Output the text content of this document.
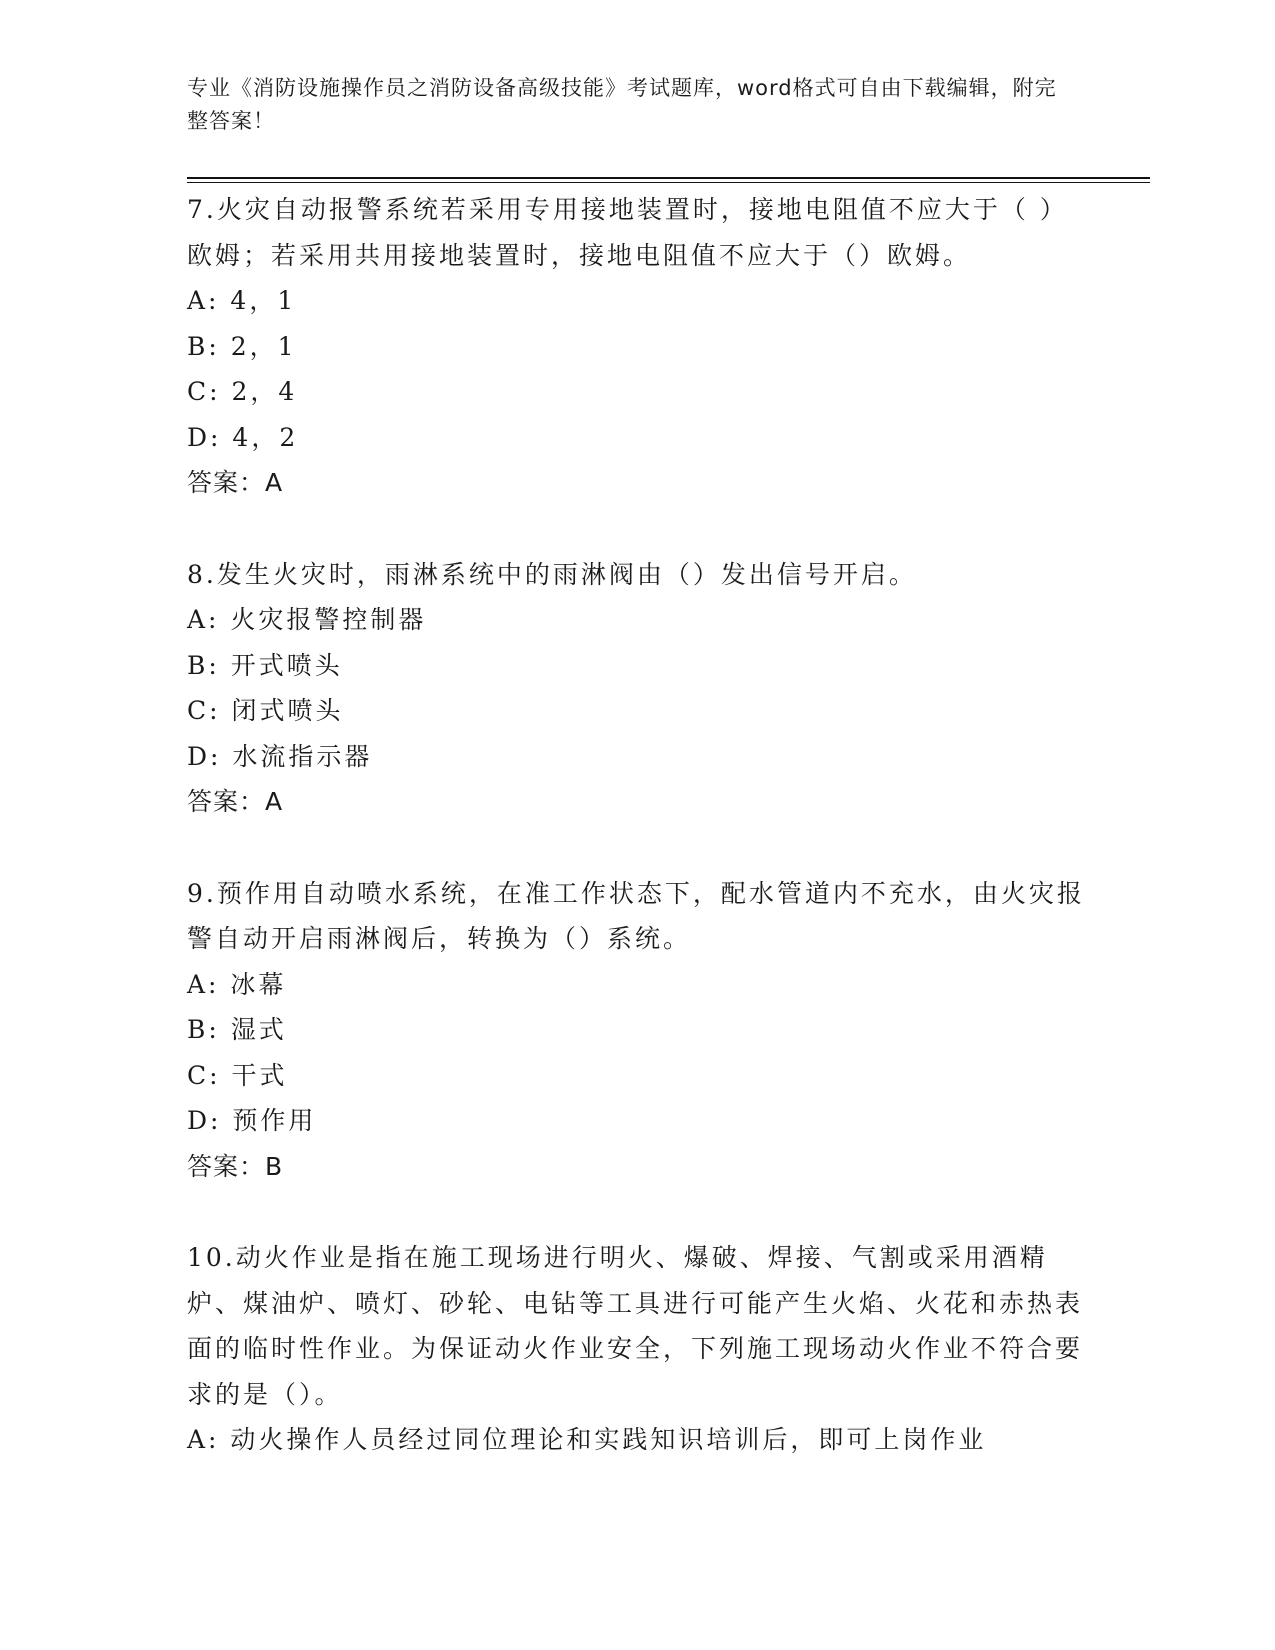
专业《消防设施操作员之消防设备高级技能》考试题库，word格式可自由下载编辑，附完整答案！

7.火灾自动报警系统若采用专用接地装置时，接地电阻值不应大于（ ）欧姆；若采用共用接地装置时，接地电阻值不应大于（）欧姆。

A: 4，1

B: 2，1

C: 2，4

D: 4，2

答案：A

8.发生火灾时，雨淋系统中的雨淋阀由（）发出信号开启。

A: 火灾报警控制器

B: 开式喷头

C: 闭式喷头

D: 水流指示器

答案：A

9.预作用自动喷水系统，在准工作状态下，配水管道内不充水，由火灾报警自动开启雨淋阀后，转换为（）系统。

A: 冰幕

B: 湿式

C: 干式

D: 预作用

答案：B

10.动火作业是指在施工现场进行明火、爆破、焊接、气割或采用酒精炉、煤油炉、喷灯、砂轮、电钻等工具进行可能产生火焰、火花和赤热表面的临时性作业。为保证动火作业安全，下列施工现场动火作业不符合要求的是（）。

A: 动火操作人员经过同位理论和实践知识培训后，即可上岗作业
